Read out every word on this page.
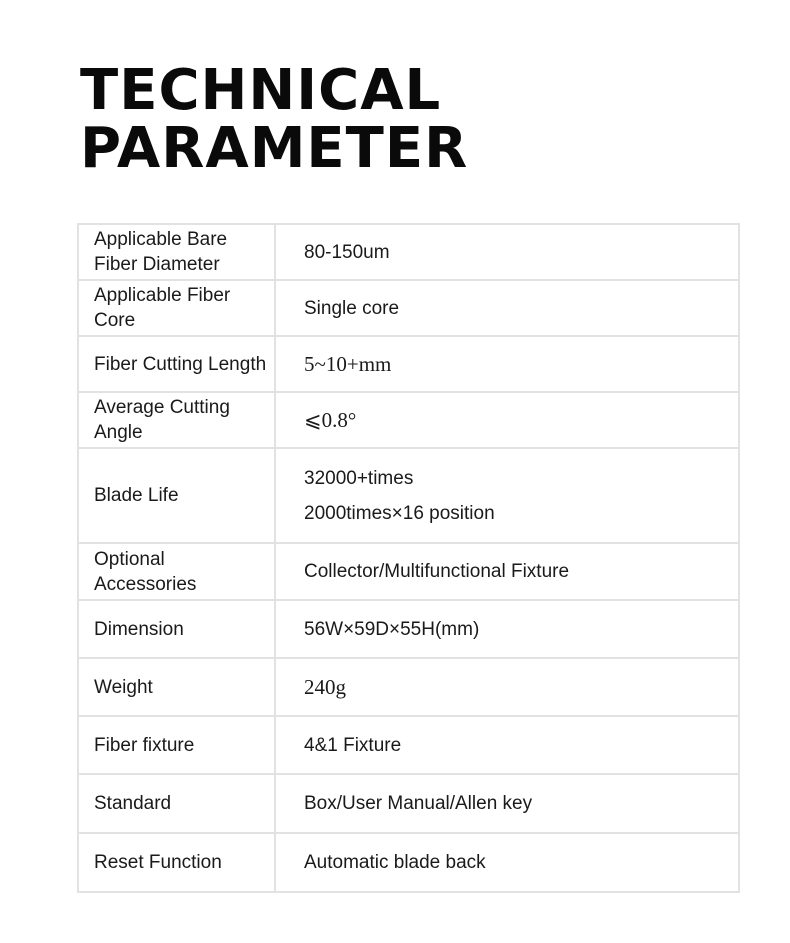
TECHNICAL
PARAMETER
Applicable Bare Fiber Diameter	80-150um
Applicable Fiber Core	Single core
Fiber Cutting Length	5~10+mm
Average Cutting Angle	⩽0.8°
Blade Life	32000+times
2000times×16 position

Optional Accessories	Collector/Multifunctional Fixture
Dimension	56W×59D×55H(mm)
Weight	240g
Fiber fixture	4&1 Fixture
Standard	Box/User Manual/Allen key
Reset Function	Automatic blade back
